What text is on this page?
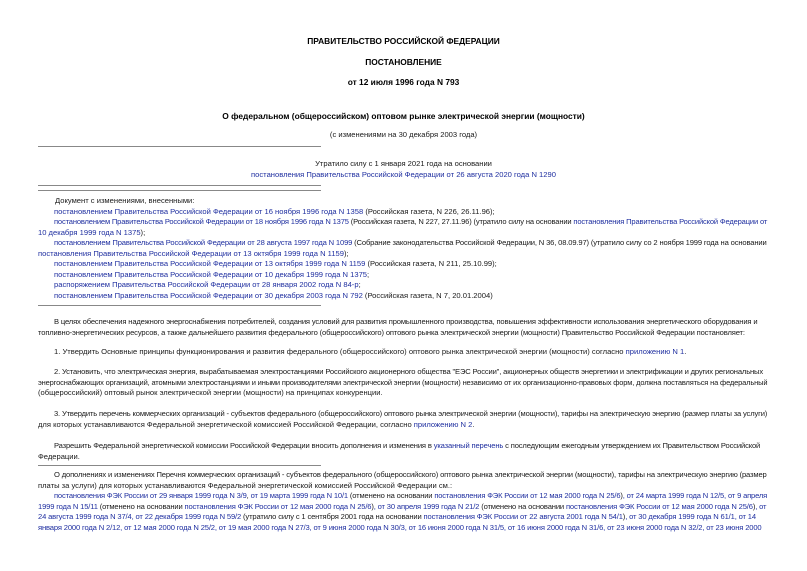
ПРАВИТЕЛЬСТВО РОССИЙСКОЙ ФЕДЕРАЦИИ
ПОСТАНОВЛЕНИЕ
от 12 июля 1996 года N 793
О федеральном (общероссийском) оптовом рынке электрической энергии (мощности)
(с изменениями на 30 декабря 2003 года)
Утратило силу с 1 января 2021 года на основании
постановления Правительства Российской Федерации от 26 августа 2020 года N 1290
Документ с изменениями, внесенными:
постановлением Правительства Российской Федерации от 16 ноября 1996 года N 1358 (Российская газета, N 226, 26.11.96);
постановлением Правительства Российской Федерации от 18 ноября 1996 года N 1375 (Российская газета, N 227, 27.11.96) (утратило силу на основании постановления Правительства Российской Федерации от
10 декабря 1999 года N 1375);
постановлением Правительства Российской Федерации от 28 августа 1997 года N 1099 (Собрание законодательства Российской Федерации, N 36, 08.09.97) (утратило силу со 2 ноября 1999 года на основании
постановления Правительства Российской Федерации от 13 октября 1999 года N 1159);
постановлением Правительства Российской Федерации от 13 октября 1999 года N 1159 (Российская газета, N 211, 25.10.99);
постановлением Правительства Российской Федерации от 10 декабря 1999 года N 1375;
распоряжением Правительства Российской Федерации от 28 января 2002 года N 84-р;
постановлением Правительства Российской Федерации от 30 декабря 2003 года N 792 (Российская газета, N 7, 20.01.2004)
В целях обеспечения надежного энергоснабжения потребителей, создания условий для развития промышленного производства, повышения эффективности использования энергетического оборудования и
топливно-энергетических ресурсов, а также дальнейшего развития федерального (общероссийского) оптового рынка электрической энергии (мощности) Правительство Российской Федерации постановляет:
1. Утвердить Основные принципы функционирования и развития федерального (общероссийского) оптового рынка электрической энергии (мощности) согласно приложению N 1.
2. Установить, что электрическая энергия, вырабатываемая электростанциями Российского акционерного общества "ЕЭС России", акционерных обществ энергетики и электрификации и других региональных
энергоснабжающих организаций, атомными электростанциями и иными производителями электрической энергии (мощности) независимо от их организационно-правовых форм, должна поставляться на федеральный
(общероссийский) оптовый рынок электрической энергии (мощности) на принципах конкуренции.
3. Утвердить перечень коммерческих организаций - субъектов федерального (общероссийского) оптового рынка электрической энергии (мощности), тарифы на электрическую энергию (размер платы за услуги)
для которых устанавливаются Федеральной энергетической комиссией Российской Федерации, согласно приложению N 2.
Разрешить Федеральной энергетической комиссии Российской Федерации вносить дополнения и изменения в указанный перечень с последующим ежегодным утверждением их Правительством Российской
Федерации.
О дополнениях и изменениях Перечня коммерческих организаций - субъектов федерального (общероссийского) оптового рынка электрической энергии (мощности), тарифы на электрическую энергию (размер
платы за услуги) для которых устанавливаются Федеральной энергетической комиссией Российской Федерации см.:
постановления ФЭК России от 29 января 1999 года N 3/9, от 19 марта 1999 года N 10/1 (отменено на основании постановления ФЭК России от 12 мая 2000 года N 25/6), от 24 марта 1999 года N 12/5, от 9 апреля
1999 года N 15/11 (отменено на основании постановления ФЭК России от 12 мая 2000 года N 25/6), от 30 апреля 1999 года N 21/2 (отменено на основании постановления ФЭК России от 12 мая 2000 года N 25/6), от
24 августа 1999 года N 37/4, от 22 декабря 1999 года N 59/2 (утратило силу с 1 сентября 2001 года на основании постановления ФЭК России от 22 августа 2001 года N 54/1), от 30 декабря 1999 года N 61/1, от 14
января 2000 года N 2/12, от 12 мая 2000 года N 25/2, от 19 мая 2000 года N 27/3, от 9 июня 2000 года N 30/3, от 16 июня 2000 года N 31/5, от 16 июня 2000 года N 31/6, от 23 июня 2000 года N 32/2, от 23 июня 2000
